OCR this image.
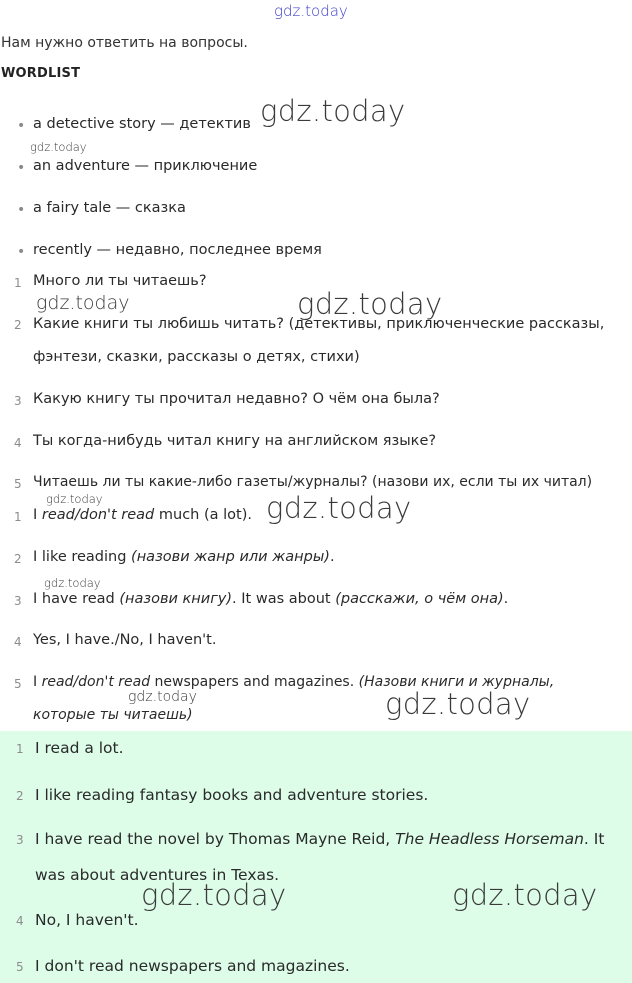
gdz.today
Нам нужно ответить на вопросы.
WORDLIST
• a detective story — детектив
• an adventure — приключение
• a fairy tale — сказка
• recently — недавно, последнее время
1 Много ли ты читаешь?
2 Какие книги ты любишь читать? (детективы, приключенческие рассказы,
фэнтези, сказки, рассказы о детях, стихи)
3 Какую книгу ты прочитал недавно? О чём она была?
4 Ты когда-нибудь читал книгу на английском языке?
5 Читаешь ли ты какие-либо газеты/журналы? (назови их, если ты их читал)
1 I read/don't read much (a lot).
2 I like reading (назови жанр или жанры).
3 I have read (назови книгу). It was about (расскажи, о чём она).
4 Yes, I have./No, I haven't.
5 I read/don't read newspapers and magazines. (Назови книги и журналы,
которые ты читаешь)
1 I read a lot.
2 I like reading fantasy books and adventure stories.
3 I have read the novel by Thomas Mayne Reid, The Headless Horseman. It
was about adventures in Texas.
4 No, I haven't.
5 I don't read newspapers and magazines.
gdz.today
gdz.today
gdz.today	gdz.today
gdz.today	gdz.today
gdz.today
gdz.today	gdz.today
gdz.today	gdz.today
